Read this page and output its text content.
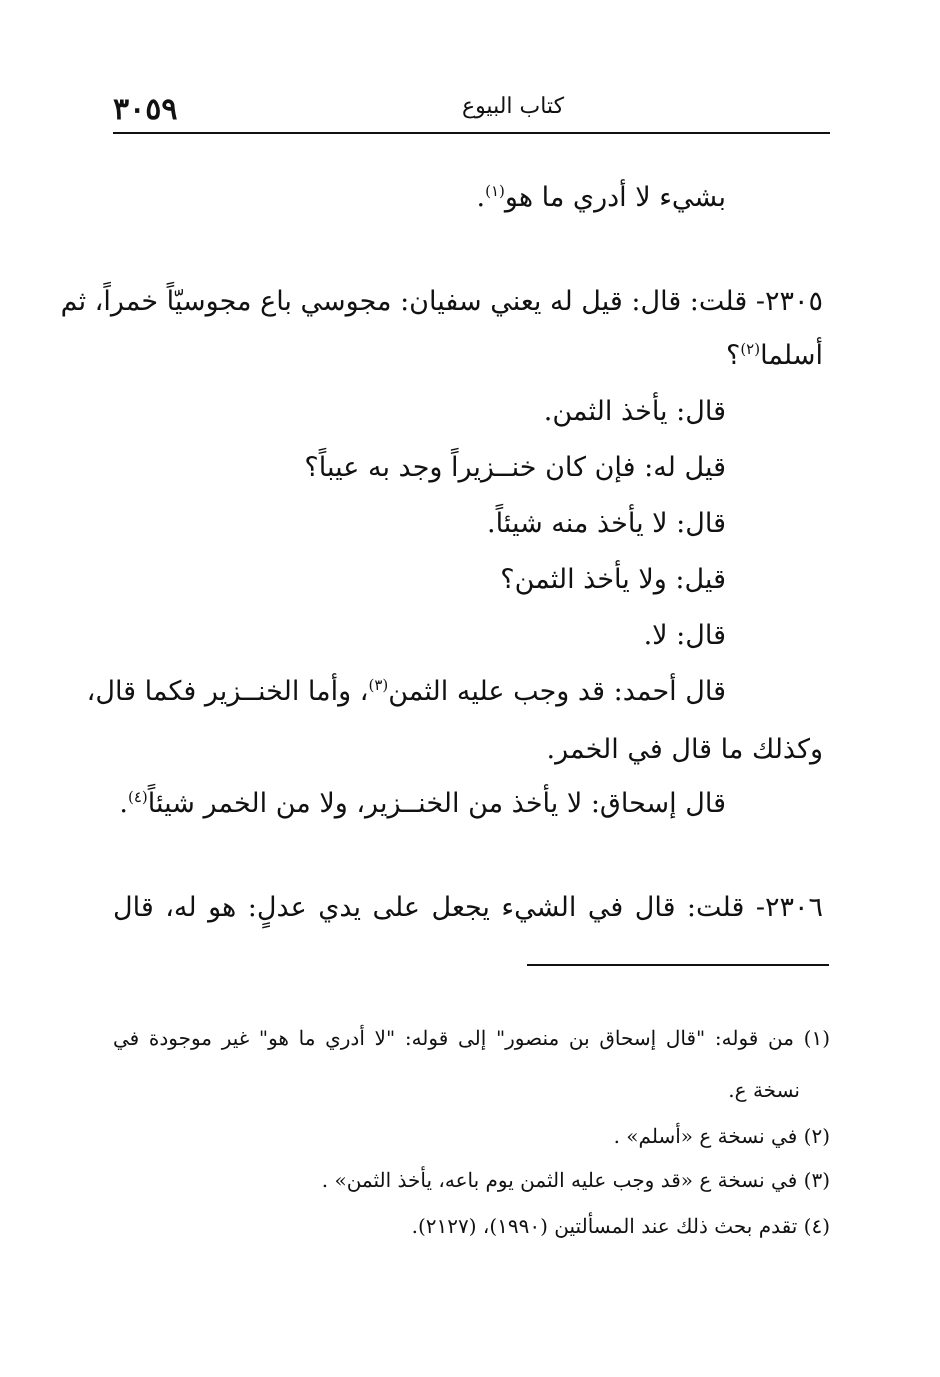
٣٠٥٩	كتاب البيوع
بشيء لا أدري ما هو$^{(١)}$.
٢٣٠٥- قلت: قال: قيل له يعني سفيان: مجوسي باع مجوسيّاً خمراً، ثم
أسلما$^{(٢)}$؟
قال: يأخذ الثمن.
قيل له: فإن كان خنــزيراً وجد به عيباً؟
قال: لا يأخذ منه شيئاً.
قيل: ولا يأخذ الثمن؟
قال: لا.
قال أحمد: قد وجب عليه الثمن$^{(٣)}$، وأما الخنــزير فكما قال،
وكذلك ما قال في الخمر.
قال إسحاق: لا يأخذ من الخنــزير، ولا من الخمر شيئاً$^{(٤)}$.
٢٣٠٦- قلت: قال في الشيء يجعل على يدي عدلٍ: هو له، قال
(١) من قوله: "قال إسحاق بن منصور" إلى قوله: "لا أدري ما هو" غير موجودة في
نسخة ع.
(٢) في نسخة ع «أسلم» .
(٣) في نسخة ع «قد وجب عليه الثمن يوم باعه، يأخذ الثمن» .
(٤) تقدم بحث ذلك عند المسألتين (١٩٩٠)، (٢١٢٧).
